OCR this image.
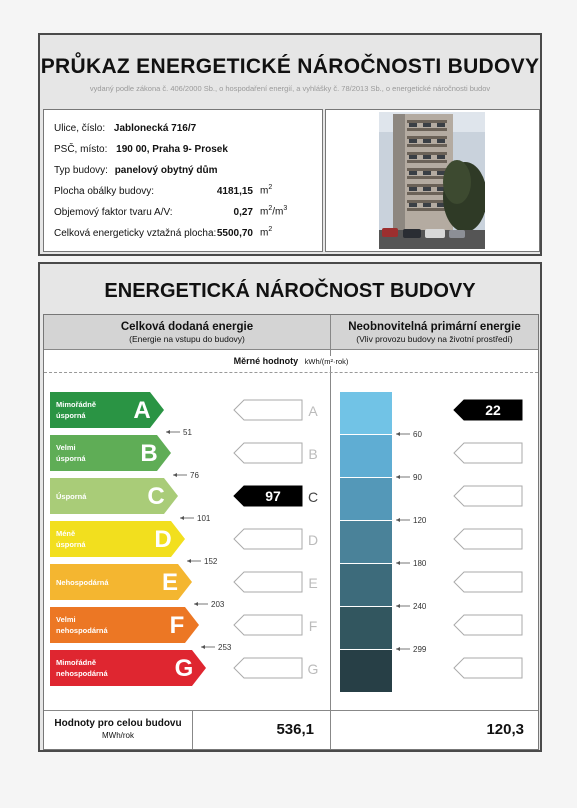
PRŮKAZ ENERGETICKÉ NÁROČNOSTI BUDOVY
vydaný podle zákona č. 406/2000 Sb., o hospodaření energií, a vyhlášky č. 78/2013 Sb., o energetické náročnosti budov
Ulice, číslo: Jablonecká 716/7
PSČ, místo: 190 00, Praha 9- Prosek
Typ budovy: panelový obytný dům
Plocha obálky budovy:	4181,15 $m^2$
Objemový faktor tvaru A/V:	0,27 $m^2/m^3$
Celková energeticky vztažná plocha: 5500,70 $m^2$
ENERGETICKÁ NÁROČNOST BUDOVY
Celková dodaná energie
(Energie na vstupu do budovy)
Neobnovitelná primární energie
(Vliv provozu budovy na životní prostředí)
Měrné hodnoty kWh/(m²·rok)
Mimořádně
úsporná A	A	22
Velmi
úsporná B	B
Úsporná	C	97 C
Méně
úsporná	D	D
Nehospodárná E	E
Velmi
nehospodárná	F	F
Mimořádně
nehospodárná	G	G
51
76
101
152
203
253
60
90
120
180
240
299
Hodnoty pro celou budovu
MWh/rok	536,1	120,3
